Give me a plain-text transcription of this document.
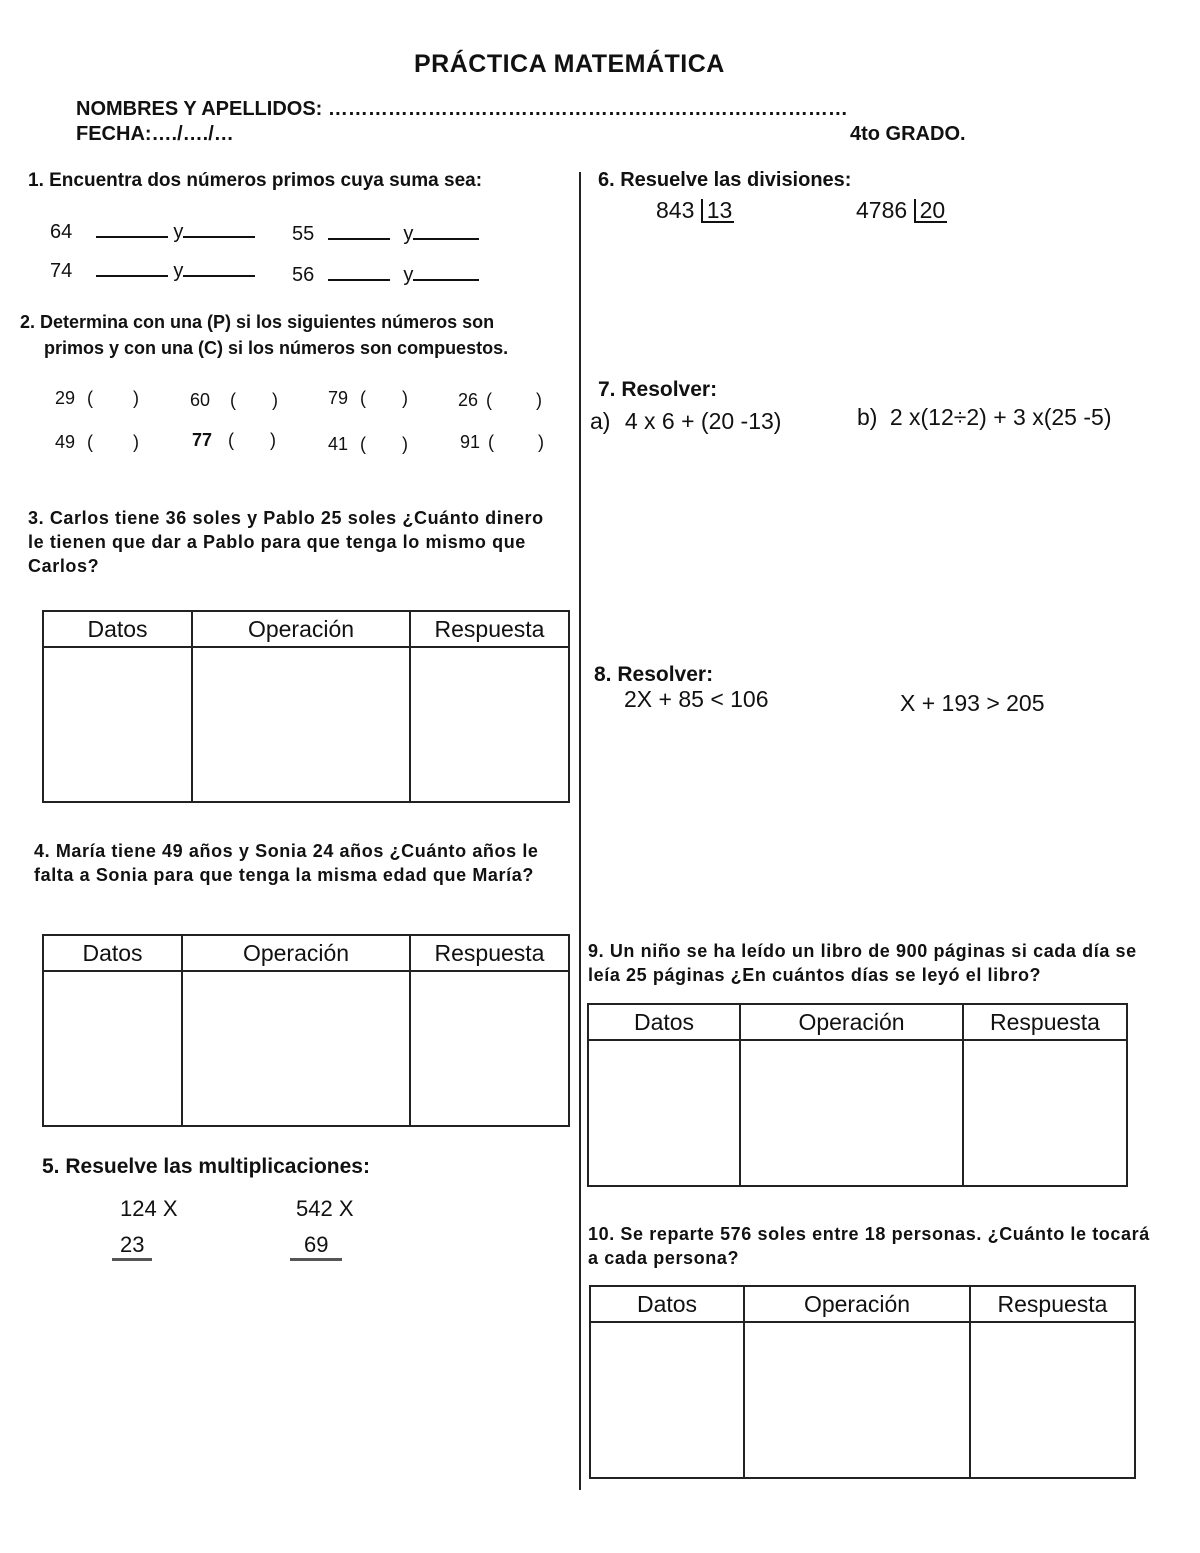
PRÁCTICA MATEMÁTICA
NOMBRES Y APELLIDOS: ……………………………………………………………………
FECHA:…./…./…	4to GRADO.
1. Encuentra dos números primos cuya suma sea:
64	y	55	y
74	y	56	y
2. Determina con una (P) si los siguientes números son
primos y con una (C) si los números son compuestos.
29 ( )	60 ( )	79 ( )	26 ( )
49 ( )	77 ( )	41 ( )	91 ( )
3. Carlos tiene 36 soles y Pablo 25 soles ¿Cuánto dinero le tienen que dar a Pablo para que tenga lo mismo que Carlos?
Datos	Operación	Respuesta

4. María tiene 49 años y Sonia 24 años ¿Cuánto años le falta a Sonia para que tenga la misma edad que María?
Datos	Operación	Respuesta

5. Resuelve las multiplicaciones:
124 X
23
542 X
69
6. Resuelve las divisiones:
843 13	4786 20
7. Resolver:
a) 4 x 6 + (20 -13)	b) 2 x(12÷2) + 3 x(25 -5)
8. Resolver:
2X + 85 < 106	X + 193 > 205
9. Un niño se ha leído un libro de 900 páginas si cada día se leía 25 páginas ¿En cuántos días se leyó el libro?
Datos	Operación	Respuesta

10. Se reparte 576 soles entre 18 personas. ¿Cuánto le tocará a cada persona?
Datos	Operación	Respuesta
